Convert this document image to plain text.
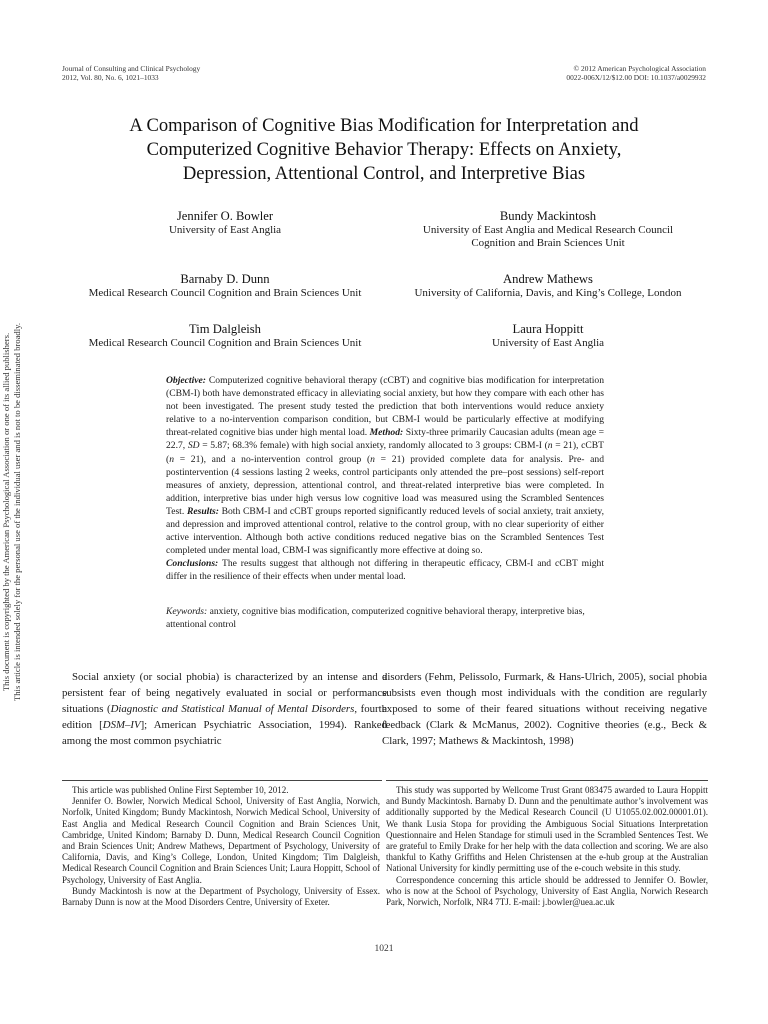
This document is copyrighted by the American Psychological Association or one of its allied publishers. This article is intended solely for the personal use of the individual user and is not to be disseminated broadly.
Journal of Consulting and Clinical Psychology
2012, Vol. 80, No. 6, 1021–1033
© 2012 American Psychological Association
0022-006X/12/$12.00 DOI: 10.1037/a0029932
A Comparison of Cognitive Bias Modification for Interpretation and
Computerized Cognitive Behavior Therapy: Effects on Anxiety,
Depression, Attentional Control, and Interpretive Bias
Jennifer O. Bowler
University of East Anglia
Bundy Mackintosh
University of East Anglia and Medical Research Council
Cognition and Brain Sciences Unit
Barnaby D. Dunn
Medical Research Council Cognition and Brain Sciences Unit
Andrew Mathews
University of California, Davis, and King’s College, London
Tim Dalgleish
Medical Research Council Cognition and Brain Sciences Unit
Laura Hoppitt
University of East Anglia
Objective: Computerized cognitive behavioral therapy (cCBT) and cognitive bias modification for interpretation (CBM-I) both have demonstrated efficacy in alleviating social anxiety, but how they compare with each other has not been investigated. The present study tested the prediction that both interventions would reduce anxiety relative to a no-intervention comparison condition, but CBM-I would be particularly effective at modifying threat-related cognitive bias under high mental load. Method: Sixty-three primarily Caucasian adults (mean age = 22.7, SD = 5.87; 68.3% female) with high social anxiety, randomly allocated to 3 groups: CBM-I (n = 21), cCBT (n = 21), and a no-intervention control group (n = 21) provided complete data for analysis. Pre- and postintervention (4 sessions lasting 2 weeks, control participants only attended the pre–post sessions) self-report measures of anxiety, depression, attentional control, and threat-related interpretive bias were completed. In addition, interpretive bias under high versus low cognitive load was measured using the Scrambled Sentences Test. Results: Both CBM-I and cCBT groups reported significantly reduced levels of social anxiety, trait anxiety, and depression and improved attentional control, relative to the control group, with no clear superiority of either active intervention. Although both active conditions reduced negative bias on the Scrambled Sentences Test completed under mental load, CBM-I was significantly more effective at doing so.
Conclusions: The results suggest that although not differing in therapeutic efficacy, CBM-I and cCBT might differ in the resilience of their effects when under mental load.
Keywords: anxiety, cognitive bias modification, computerized cognitive behavioral therapy, interpretive bias, attentional control
Social anxiety (or social phobia) is characterized by an intense and a persistent fear of being negatively evaluated in social or performance situations (Diagnostic and Statistical Manual of Mental Disorders, fourth edition [DSM–IV]; American Psychiatric Association, 1994). Ranked among the most common psychiatric
disorders (Fehm, Pelissolo, Furmark, & Hans-Ulrich, 2005), social phobia subsists even though most individuals with the condition are regularly exposed to some of their feared situations without receiving negative feedback (Clark & McManus, 2002). Cognitive theories (e.g., Beck & Clark, 1997; Mathews & Mackintosh, 1998)

This article was published Online First September 10, 2012.

Jennifer O. Bowler, Norwich Medical School, University of East Anglia, Norwich, Norfolk, United Kingdom; Bundy Mackintosh, Norwich Medical School, University of East Anglia and Medical Research Council Cognition and Brain Sciences Unit, Cambridge, United Kindom; Barnaby D. Dunn, Medical Research Council Cognition and Brain Sciences Unit; Andrew Mathews, Department of Psychology, University of California, Davis, and King’s College, London, United Kingdom; Tim Dalgleish, Medical Research Council Cognition and Brain Sciences Unit; Laura Hoppitt, School of Psychology, University of East Anglia.

Bundy Mackintosh is now at the Department of Psychology, University of Essex. Barnaby Dunn is now at the Mood Disorders Centre, University of Exeter.

This study was supported by Wellcome Trust Grant 083475 awarded to Laura Hoppitt and Bundy Mackintosh. Barnaby D. Dunn and the penultimate author’s involvement was additionally supported by the Medical Research Council (U U1055.02.002.00001.01). We thank Lusia Stopa for providing the Ambiguous Social Situations Interpretation Questionnaire and Helen Standage for stimuli used in the Scrambled Sentences Test. We are grateful to Emily Drake for her help with the data collection and scoring. We are also thankful to Kathy Griffiths and Helen Christensen at the e-hub group at the Australian National University for kindly permitting use of the e-couch website in this study.

Correspondence concerning this article should be addressed to Jennifer O. Bowler, who is now at the School of Psychology, University of East Anglia, Norwich Research Park, Norwich, Norfolk, NR4 7TJ. E-mail: j.bowler@uea.ac.uk

1021
